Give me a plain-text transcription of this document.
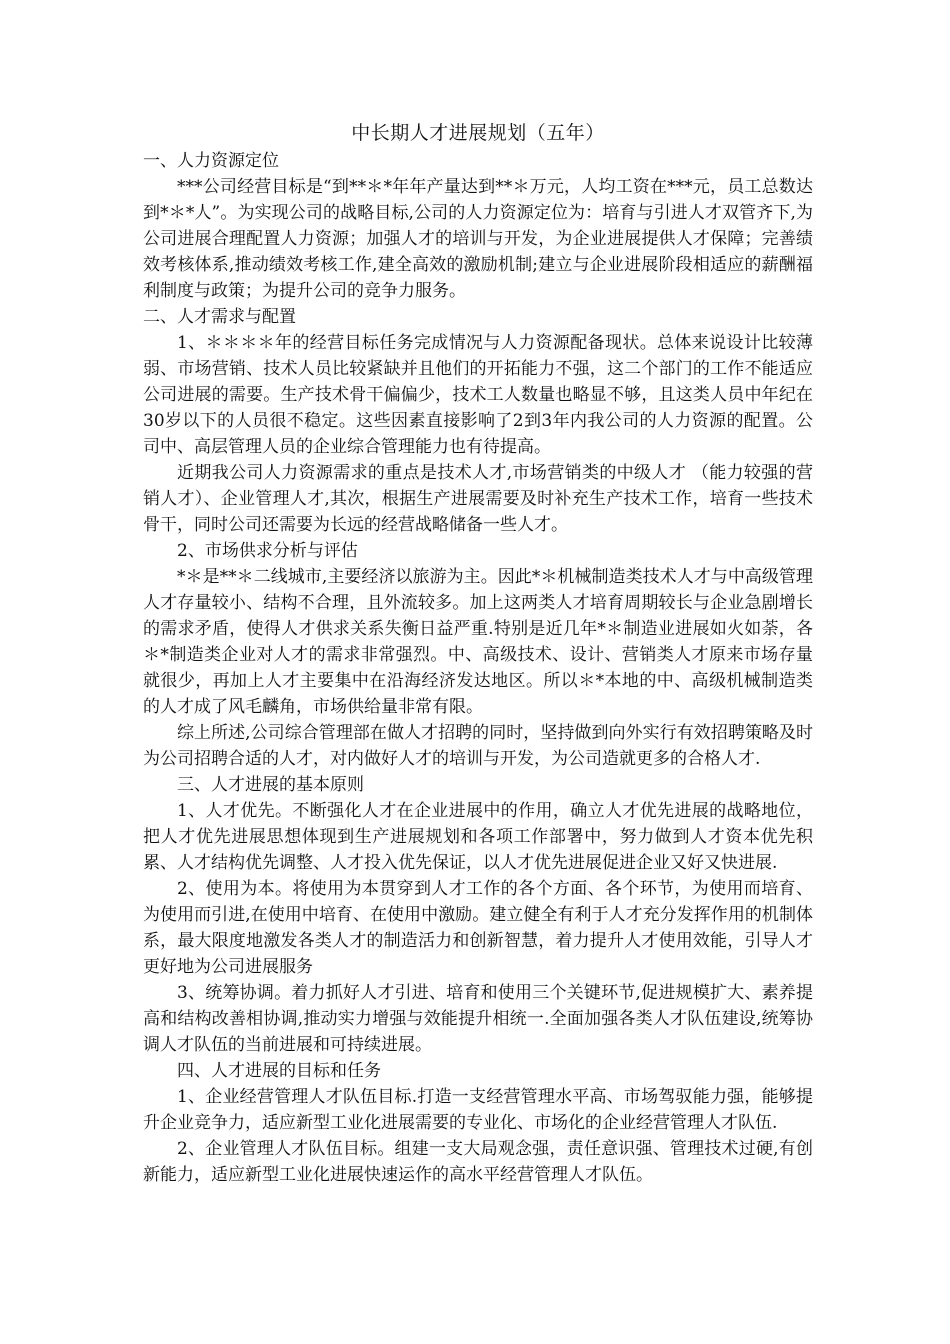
中长期人才进展规划（五年）
一、人力资源定位

***公司经营目标是“到**＊*年年产量达到**＊万元，人均工资在***元，员工总数达到*＊*人”。为实现公司的战略目标,公司的人力资源定位为：培育与引进人才双管齐下,为公司进展合理配置人力资源；加强人才的培训与开发，为企业进展提供人才保障；完善绩效考核体系,推动绩效考核工作,建全高效的激励机制;建立与企业进展阶段相适应的薪酬福利制度与政策；为提升公司的竞争力服务。

二、人才需求与配置

1、＊＊＊＊年的经营目标任务完成情况与人力资源配备现状。总体来说设计比较薄弱、市场营销、技术人员比较紧缺并且他们的开拓能力不强，这二个部门的工作不能适应公司进展的需要。生产技术骨干偏偏少，技术工人数量也略显不够，且这类人员中年纪在30岁以下的人员很不稳定。这些因素直接影响了2到3年内我公司的人力资源的配置。公司中、高层管理人员的企业综合管理能力也有待提高。

近期我公司人力资源需求的重点是技术人才,市场营销类的中级人才 （能力较强的营销人才）、企业管理人才,其次，根据生产进展需要及时补充生产技术工作，培育一些技术骨干，同时公司还需要为长远的经营战略储备一些人才。

2、市场供求分析与评估

*＊是**＊二线城市,主要经济以旅游为主。因此*＊机械制造类技术人才与中高级管理人才存量较小、结构不合理，且外流较多。加上这两类人才培育周期较长与企业急剧增长的需求矛盾，使得人才供求关系失衡日益严重.特别是近几年*＊制造业进展如火如荼，各＊*制造类企业对人才的需求非常强烈。中、高级技术、设计、营销类人才原来市场存量就很少，再加上人才主要集中在沿海经济发达地区。所以＊*本地的中、高级机械制造类的人才成了风毛麟角，市场供给量非常有限。

综上所述,公司综合管理部在做人才招聘的同时，坚持做到向外实行有效招聘策略及时为公司招聘合适的人才，对内做好人才的培训与开发，为公司造就更多的合格人才.

三、人才进展的基本原则

1、人才优先。不断强化人才在企业进展中的作用，确立人才优先进展的战略地位，把人才优先进展思想体现到生产进展规划和各项工作部署中，努力做到人才资本优先积累、人才结构优先调整、人才投入优先保证，以人才优先进展促进企业又好又快进展.

2、使用为本。将使用为本贯穿到人才工作的各个方面、各个环节，为使用而培育、为使用而引进,在使用中培育、在使用中激励。建立健全有利于人才充分发挥作用的机制体系，最大限度地激发各类人才的制造活力和创新智慧，着力提升人才使用效能，引导人才更好地为公司进展服务

3、统筹协调。着力抓好人才引进、培育和使用三个关键环节,促进规模扩大、素养提高和结构改善相协调,推动实力增强与效能提升相统一.全面加强各类人才队伍建设,统筹协调人才队伍的当前进展和可持续进展。

四、人才进展的目标和任务

1、企业经营管理人才队伍目标.打造一支经营管理水平高、市场驾驭能力强，能够提升企业竞争力，适应新型工业化进展需要的专业化、市场化的企业经营管理人才队伍.

2、企业管理人才队伍目标。组建一支大局观念强，责任意识强、管理技术过硬,有创新能力，适应新型工业化进展快速运作的高水平经营管理人才队伍。
